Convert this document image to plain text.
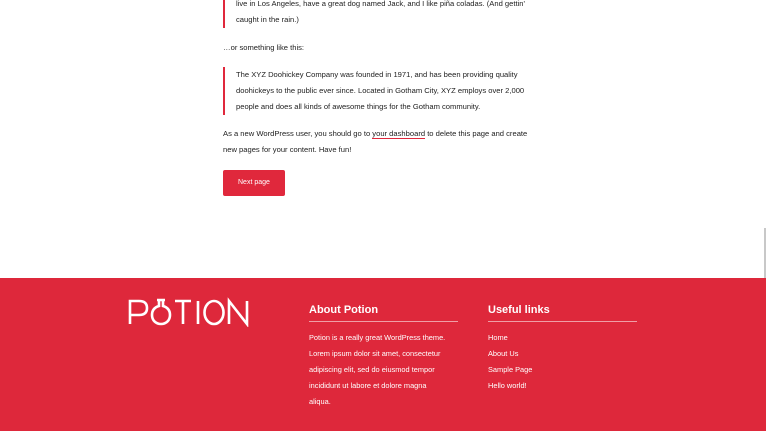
live in Los Angeles, have a great dog named Jack, and I like piña coladas. (And gettin'
caught in the rain.)

…or something like this:

The XYZ Doohickey Company was founded in 1971, and has been providing quality
doohickeys to the public ever since. Located in Gotham City, XYZ employs over 2,000
people and does all kinds of awesome things for the Gotham community.
As a new WordPress user, you should go to your dashboard to delete this page and create
new pages for your content. Have fun!
Next page
About Potion
Potion is a really great WordPress theme.
Lorem ipsum dolor sit amet, consectetur
adipiscing elit, sed do eiusmod tempor
incididunt ut labore et dolore magna
aliqua.
Useful links
Home
About Us
Sample Page
Hello world!
